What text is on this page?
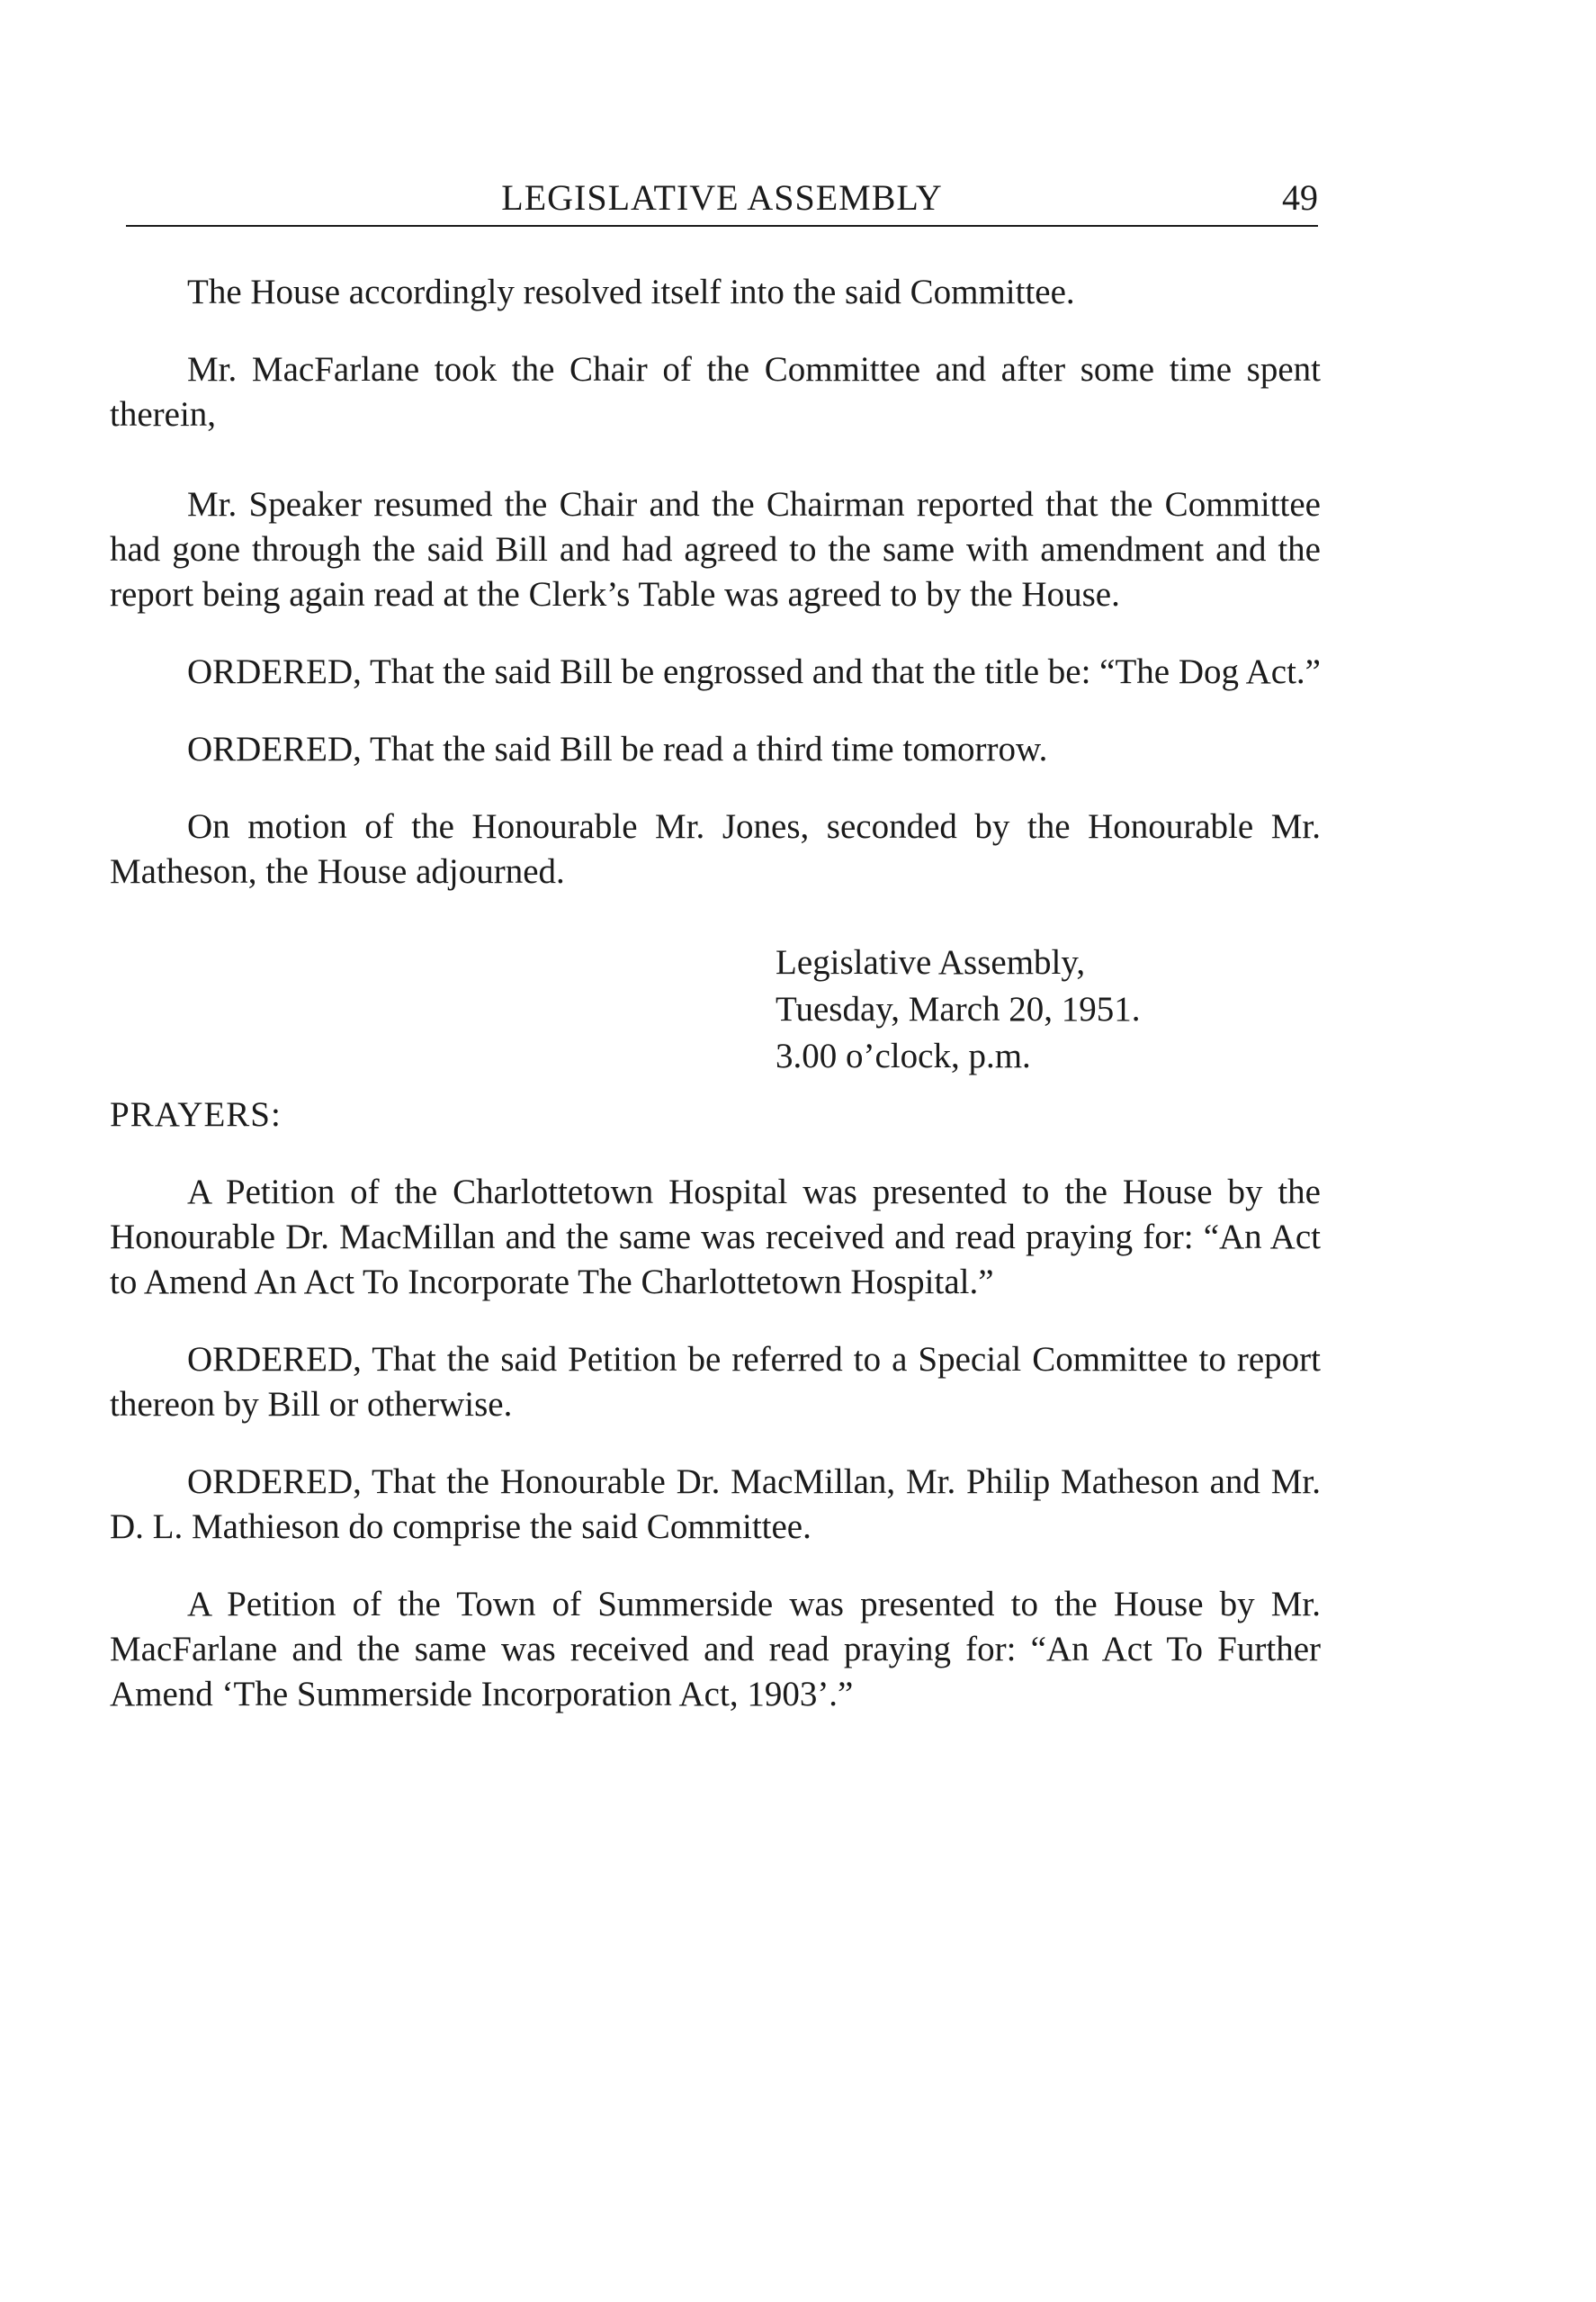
LEGISLATIVE ASSEMBLY	49

The House accordingly resolved itself into the said Committee.

Mr. MacFarlane took the Chair of the Committee and after some time spent therein,

Mr. Speaker resumed the Chair and the Chairman reported that the Committee had gone through the said Bill and had agreed to the same with amendment and the report being again read at the Clerk’s Table was agreed to by the House.

ORDERED, That the said Bill be engrossed and that the title be: “The Dog Act.”

ORDERED, That the said Bill be read a third time tomorrow.

On motion of the Honourable Mr. Jones, seconded by the Honourable Mr. Matheson, the House adjourned.

Legislative Assembly,
Tuesday, March 20, 1951.
3.00 o’clock, p.m.
PRAYERS:

A Petition of the Charlottetown Hospital was presented to the House by the Honourable Dr. MacMillan and the same was received and read praying for: “An Act to Amend An Act To Incorporate The Charlottetown Hospital.”

ORDERED, That the said Petition be referred to a Special Committee to report thereon by Bill or otherwise.

ORDERED, That the Honourable Dr. MacMillan, Mr. Philip Matheson and Mr. D. L. Mathieson do comprise the said Committee.

A Petition of the Town of Summerside was presented to the House by Mr. MacFarlane and the same was received and read praying for: “An Act To Further Amend ‘The Summerside Incorporation Act, 1903’.”
